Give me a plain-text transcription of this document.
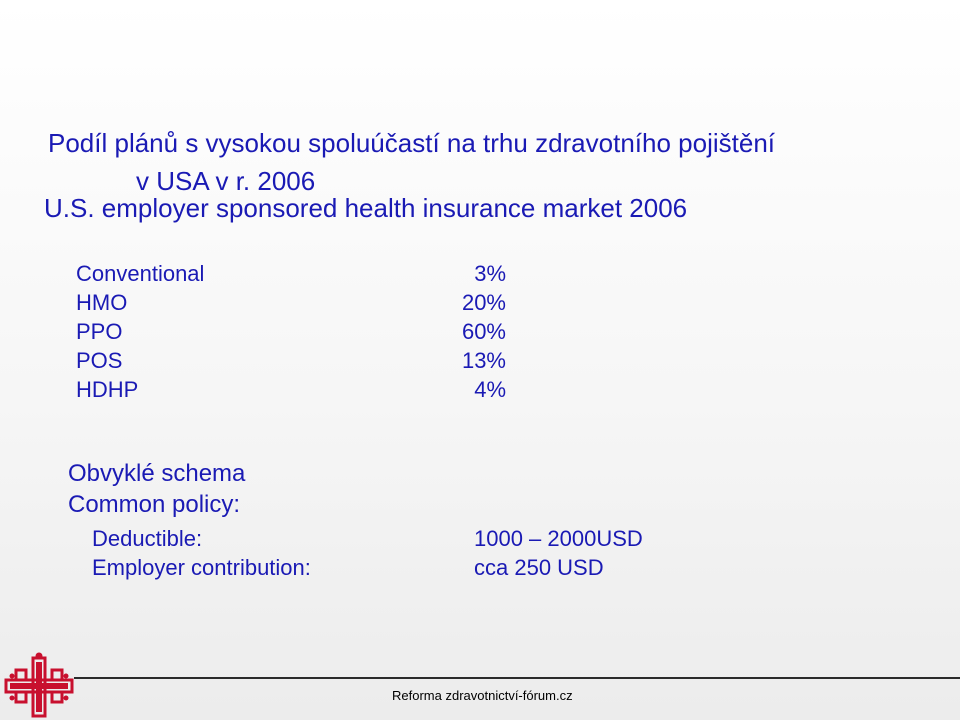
Podíl plánů s vysokou spoluúčastí na trhu zdravotního pojištění
v USA v r. 2006

U.S. employer sponsored health insurance market 2006

Conventional	3%
HMO	20%
PPO	60%
POS	13%
HDHP	4%
Obvyklé schema
Common policy:
Deductible:	1000 – 2000USD
Employer contribution:	cca 250 USD
Reforma zdravotnictví-fórum.cz
